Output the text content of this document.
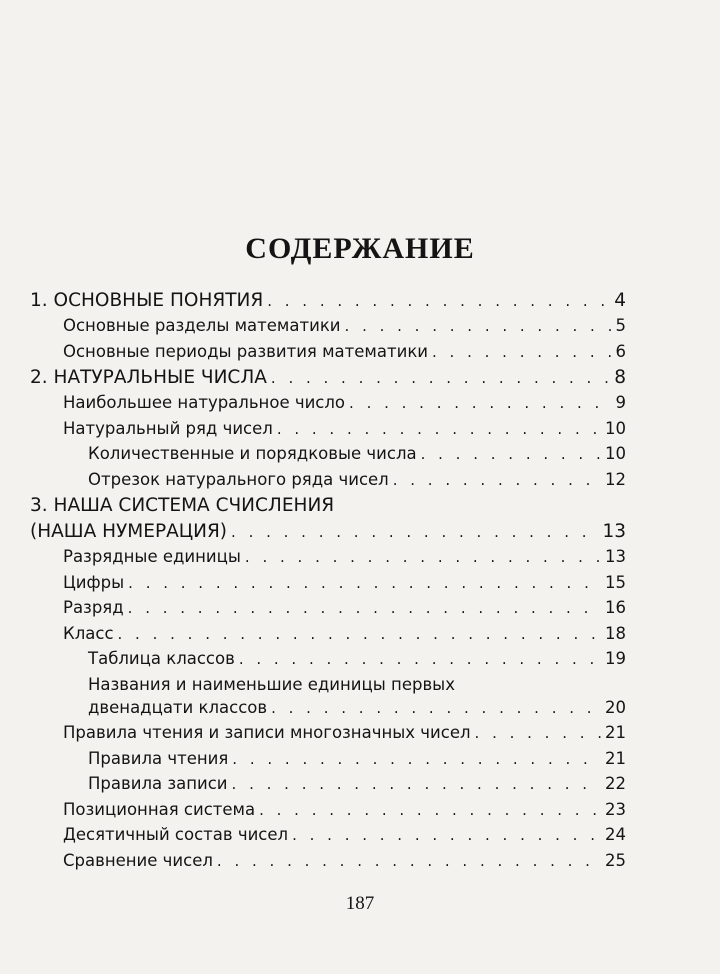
СОДЕРЖАНИЕ
1. ОСНОВНЫЕ ПОНЯТИЯ . . .	4
Основные разделы математики . . .	5
Основные периоды развития математики . . .	6
2. НАТУРАЛЬНЫЕ ЧИСЛА . . .	8
Наибольшее натуральное число . . .	9
Натуральный ряд чисел . . .	10
Количественные и порядковые числа . . .	10
Отрезок натурального ряда чисел . . .	12
3. НАША СИСТЕМА СЧИСЛЕНИЯ
(НАША НУМЕРАЦИЯ) . . .	13
Разрядные единицы . . .	13
Цифры . . .	15
Разряд . . .	16
Класс . . .	18
Таблица классов . . .	19
Названия и наименьшие единицы первых
двенадцати классов . . .	20
Правила чтения и записи многозначных чисел . . .	21
Правила чтения . . .	21
Правила записи . . .	22
Позиционная система . . .	23
Десятичный состав чисел . . .	24
Сравнение чисел . . .	25
187
